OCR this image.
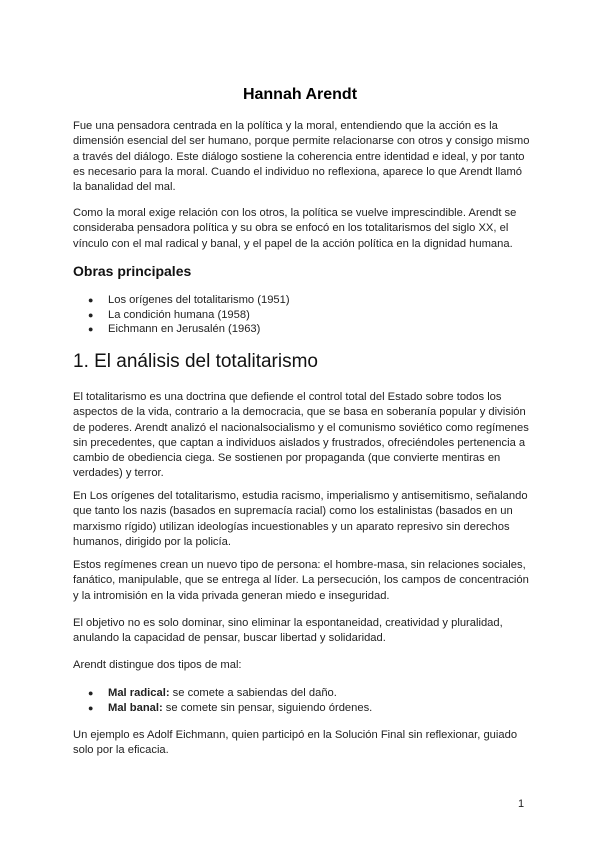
Hannah Arendt

Fue una pensadora centrada en la política y la moral, entendiendo que la acción es la dimensión esencial del ser humano, porque permite relacionarse con otros y consigo mismo a través del diálogo. Este diálogo sostiene la coherencia entre identidad e ideal, y por tanto es necesario para la moral. Cuando el individuo no reflexiona, aparece lo que Arendt llamó la banalidad del mal.

Como la moral exige relación con los otros, la política se vuelve imprescindible. Arendt se consideraba pensadora política y su obra se enfocó en los totalitarismos del siglo XX, el vínculo con el mal radical y banal, y el papel de la acción política en la dignidad humana.

Obras principales
● Los orígenes del totalitarismo (1951)
● La condición humana (1958)
● Eichmann en Jerusalén (1963)
1. El análisis del totalitarismo

El totalitarismo es una doctrina que defiende el control total del Estado sobre todos los aspectos de la vida, contrario a la democracia, que se basa en soberanía popular y división de poderes. Arendt analizó el nacionalsocialismo y el comunismo soviético como regímenes sin precedentes, que captan a individuos aislados y frustrados, ofreciéndoles pertenencia a cambio de obediencia ciega. Se sostienen por propaganda (que convierte mentiras en verdades) y terror.

En Los orígenes del totalitarismo, estudia racismo, imperialismo y antisemitismo, señalando que tanto los nazis (basados en supremacía racial) como los estalinistas (basados en un marxismo rígido) utilizan ideologías incuestionables y un aparato represivo sin derechos humanos, dirigido por la policía.

Estos regímenes crean un nuevo tipo de persona: el hombre-masa, sin relaciones sociales, fanático, manipulable, que se entrega al líder. La persecución, los campos de concentración y la intromisión en la vida privada generan miedo e inseguridad.

El objetivo no es solo dominar, sino eliminar la espontaneidad, creatividad y pluralidad, anulando la capacidad de pensar, buscar libertad y solidaridad.

Arendt distingue dos tipos de mal:

● Mal radical: se comete a sabiendas del daño.
● Mal banal: se comete sin pensar, siguiendo órdenes.

Un ejemplo es Adolf Eichmann, quien participó en la Solución Final sin reflexionar, guiado solo por la eficacia.

1
